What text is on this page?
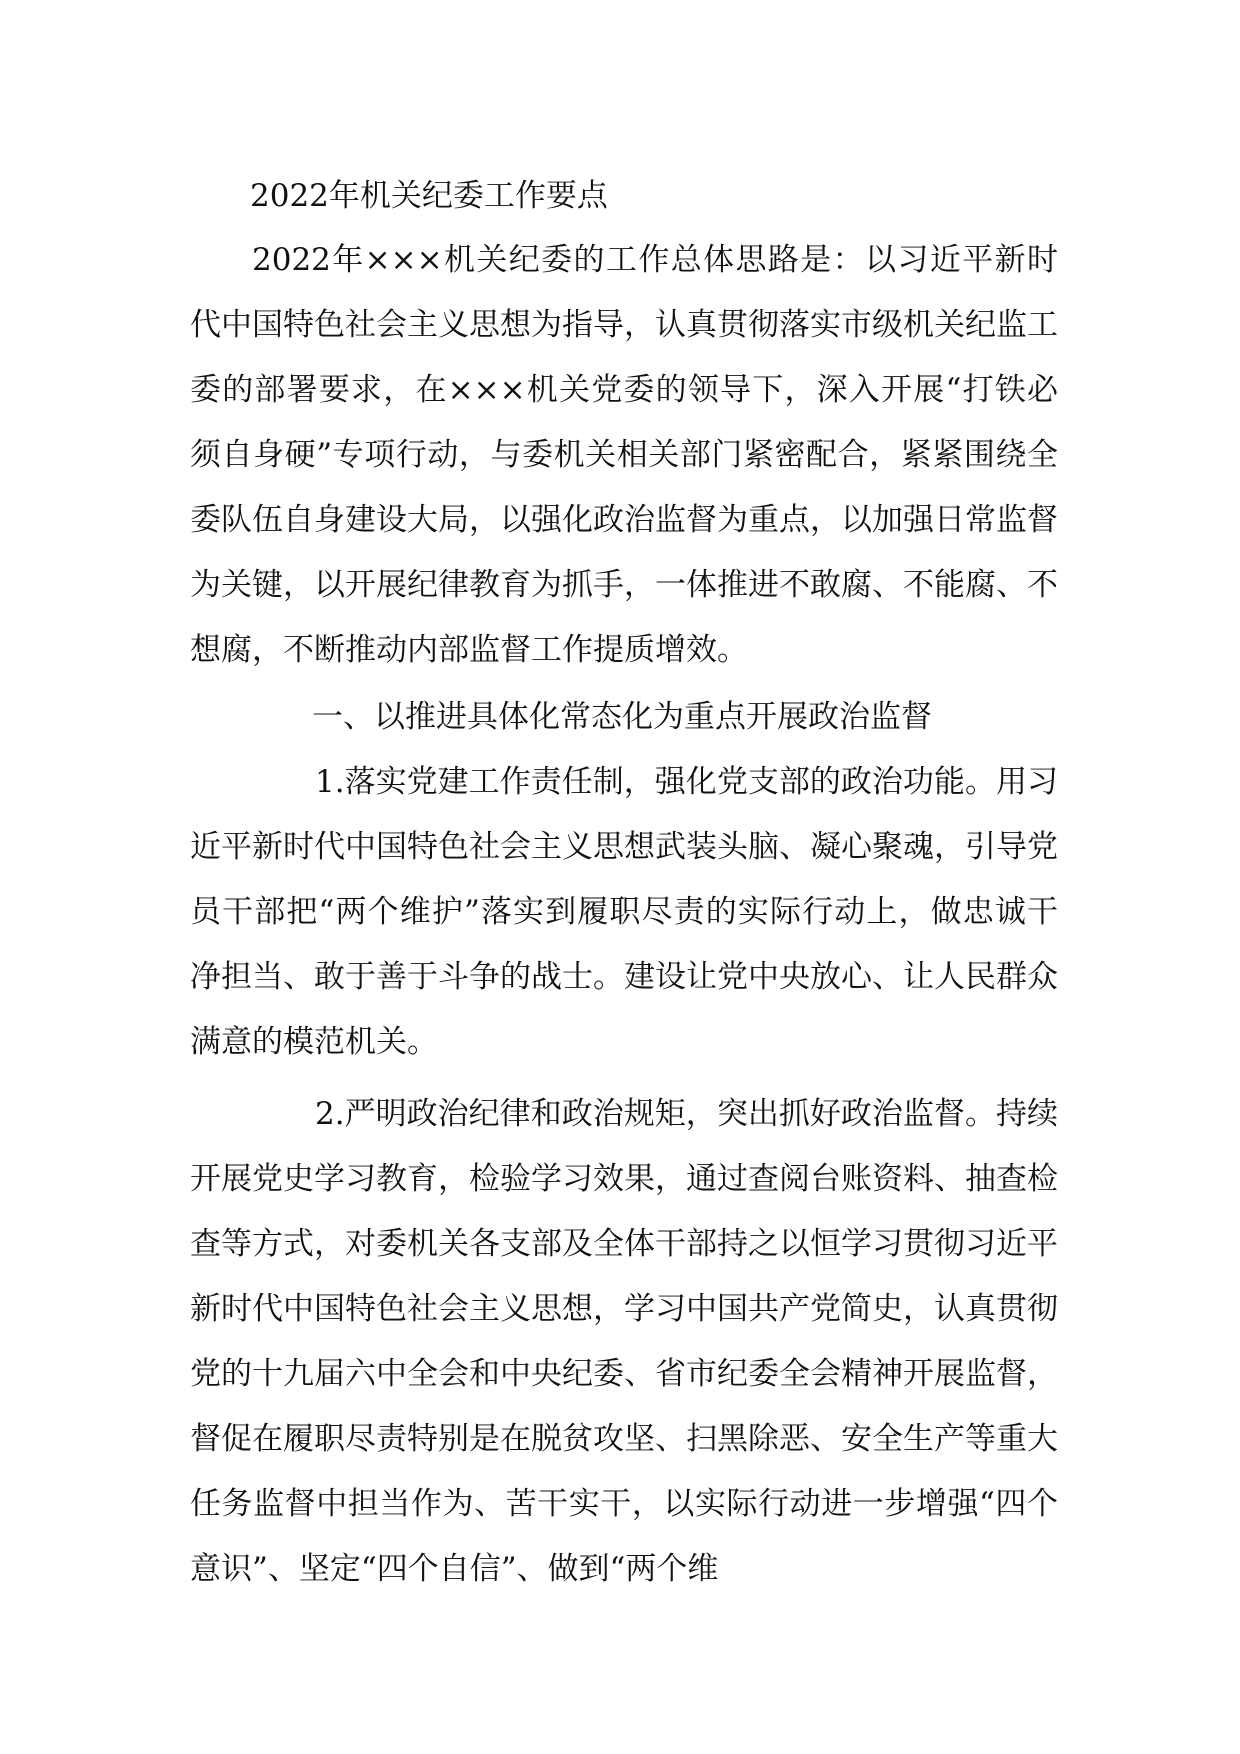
2022年机关纪委工作要点
2022年×××机关纪委的工作总体思路是：以习近平新时代中国特色社会主义思想为指导，认真贯彻落实市级机关纪监工委的部署要求，在×××机关党委的领导下，深入开展“打铁必须自身硬”专项行动，与委机关相关部门紧密配合，紧紧围绕全委队伍自身建设大局，以强化政治监督为重点，以加强日常监督为关键，以开展纪律教育为抓手，一体推进不敢腐、不能腐、不想腐，不断推动内部监督工作提质增效。
一、以推进具体化常态化为重点开展政治监督
1.落实党建工作责任制，强化党支部的政治功能。用习近平新时代中国特色社会主义思想武装头脑、凝心聚魂，引导党员干部把“两个维护”落实到履职尽责的实际行动上，做忠诚干净担当、敢于善于斗争的战士。建设让党中央放心、让人民群众满意的模范机关。
2.严明政治纪律和政治规矩，突出抓好政治监督。持续开展党史学习教育，检验学习效果，通过查阅台账资料、抽查检查等方式，对委机关各支部及全体干部持之以恒学习贯彻习近平新时代中国特色社会主义思想，学习中国共产党简史，认真贯彻党的十九届六中全会和中央纪委、省市纪委全会精神开展监督，督促在履职尽责特别是在脱贫攻坚、扫黑除恶、安全生产等重大任务监督中担当作为、苦干实干，以实际行动进一步增强“四个意识”、坚定“四个自信”、做到“两个维
